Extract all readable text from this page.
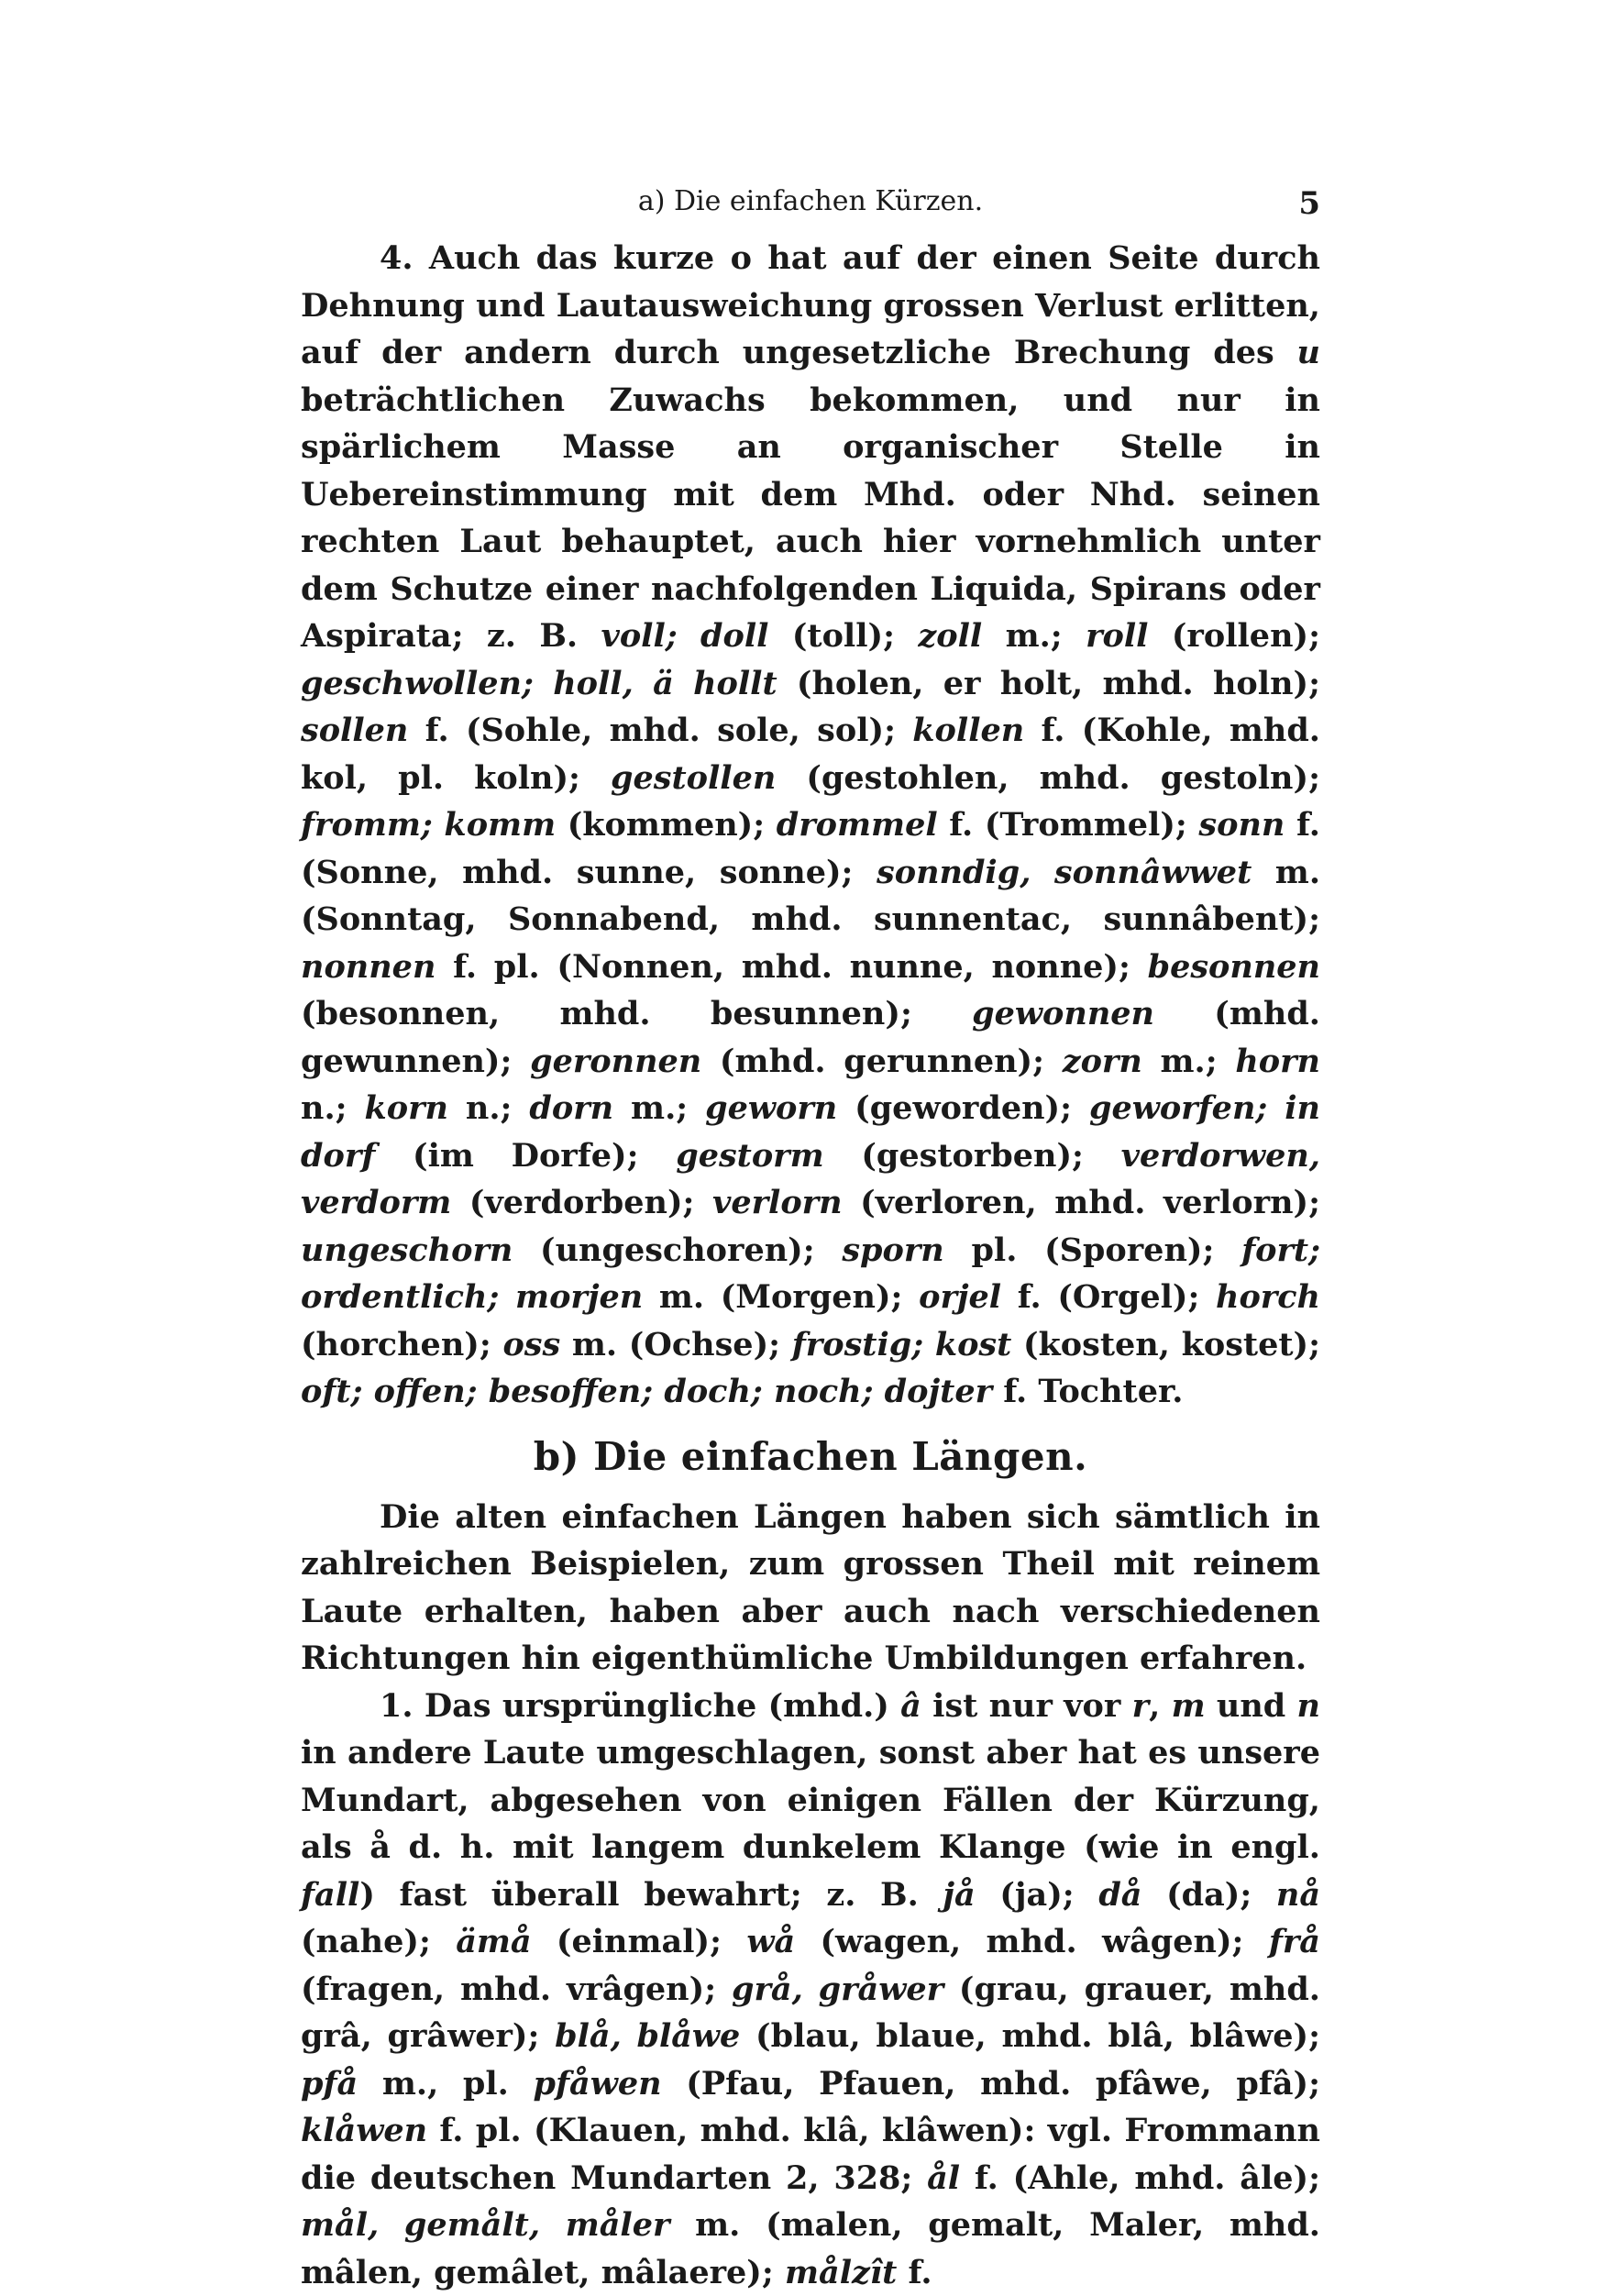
a) Die einfachen Kürzen.	5

4. Auch das kurze o hat auf der einen Seite durch Dehnung und Lautausweichung grossen Verlust erlitten, auf der andern durch ungesetzliche Brechung des u beträchtlichen Zuwachs bekommen, und nur in spärlichem Masse an organischer Stelle in Uebereinstimmung mit dem Mhd. oder Nhd. seinen rechten Laut behauptet, auch hier vornehmlich unter dem Schutze einer nachfolgenden Liquida, Spirans oder Aspirata; z. B. voll; doll (toll); zoll m.; roll (rollen); geschwollen; holl, ä hollt (holen, er holt, mhd. holn); sollen f. (Sohle, mhd. sole, sol); kollen f. (Kohle, mhd. kol, pl. koln); gestollen (gestohlen, mhd. gestoln); fromm; komm (kommen); drommel f. (Trommel); sonn f. (Sonne, mhd. sunne, sonne); sonndig, sonnâwwet m. (Sonntag, Sonnabend, mhd. sunnentac, sunnâbent); nonnen f. pl. (Nonnen, mhd. nunne, nonne); besonnen (besonnen, mhd. besunnen); gewonnen (mhd. gewunnen); geronnen (mhd. gerunnen); zorn m.; horn n.; korn n.; dorn m.; geworn (geworden); geworfen; in dorf (im Dorfe); gestorm (gestorben); verdorwen, verdorm (verdorben); verlorn (verloren, mhd. verlorn); ungeschorn (ungeschoren); sporn pl. (Sporen); fort; ordentlich; morjen m. (Morgen); orjel f. (Orgel); horch (horchen); oss m. (Ochse); frostig; kost (kosten, kostet); oft; offen; besoffen; doch; noch; dojter f. Tochter.

b) Die einfachen Längen.

Die alten einfachen Längen haben sich sämtlich in zahlreichen Beispielen, zum grossen Theil mit reinem Laute erhalten, haben aber auch nach verschiedenen Richtungen hin eigenthümliche Umbildungen erfahren.

1. Das ursprüngliche (mhd.) â ist nur vor r, m und n in andere Laute umgeschlagen, sonst aber hat es unsere Mundart, abgesehen von einigen Fällen der Kürzung, als å d. h. mit langem dunkelem Klange (wie in engl. fall) fast überall bewahrt; z. B. jå (ja); då (da); nå (nahe); ämå (einmal); wå (wagen, mhd. wâgen); frå (fragen, mhd. vrâgen); grå, gråwer (grau, grauer, mhd. grâ, grâwer); blå, blåwe (blau, blaue, mhd. blâ, blâwe); pfå m., pl. pfåwen (Pfau, Pfauen, mhd. pfâwe, pfâ); klåwen f. pl. (Klauen, mhd. klâ, klâwen): vgl. Frommann die deutschen Mundarten 2, 328; ål f. (Ahle, mhd. âle); mål, gemålt, måler m. (malen, gemalt, Maler, mhd. mâlen, gemâlet, mâlaere); målzît f.
